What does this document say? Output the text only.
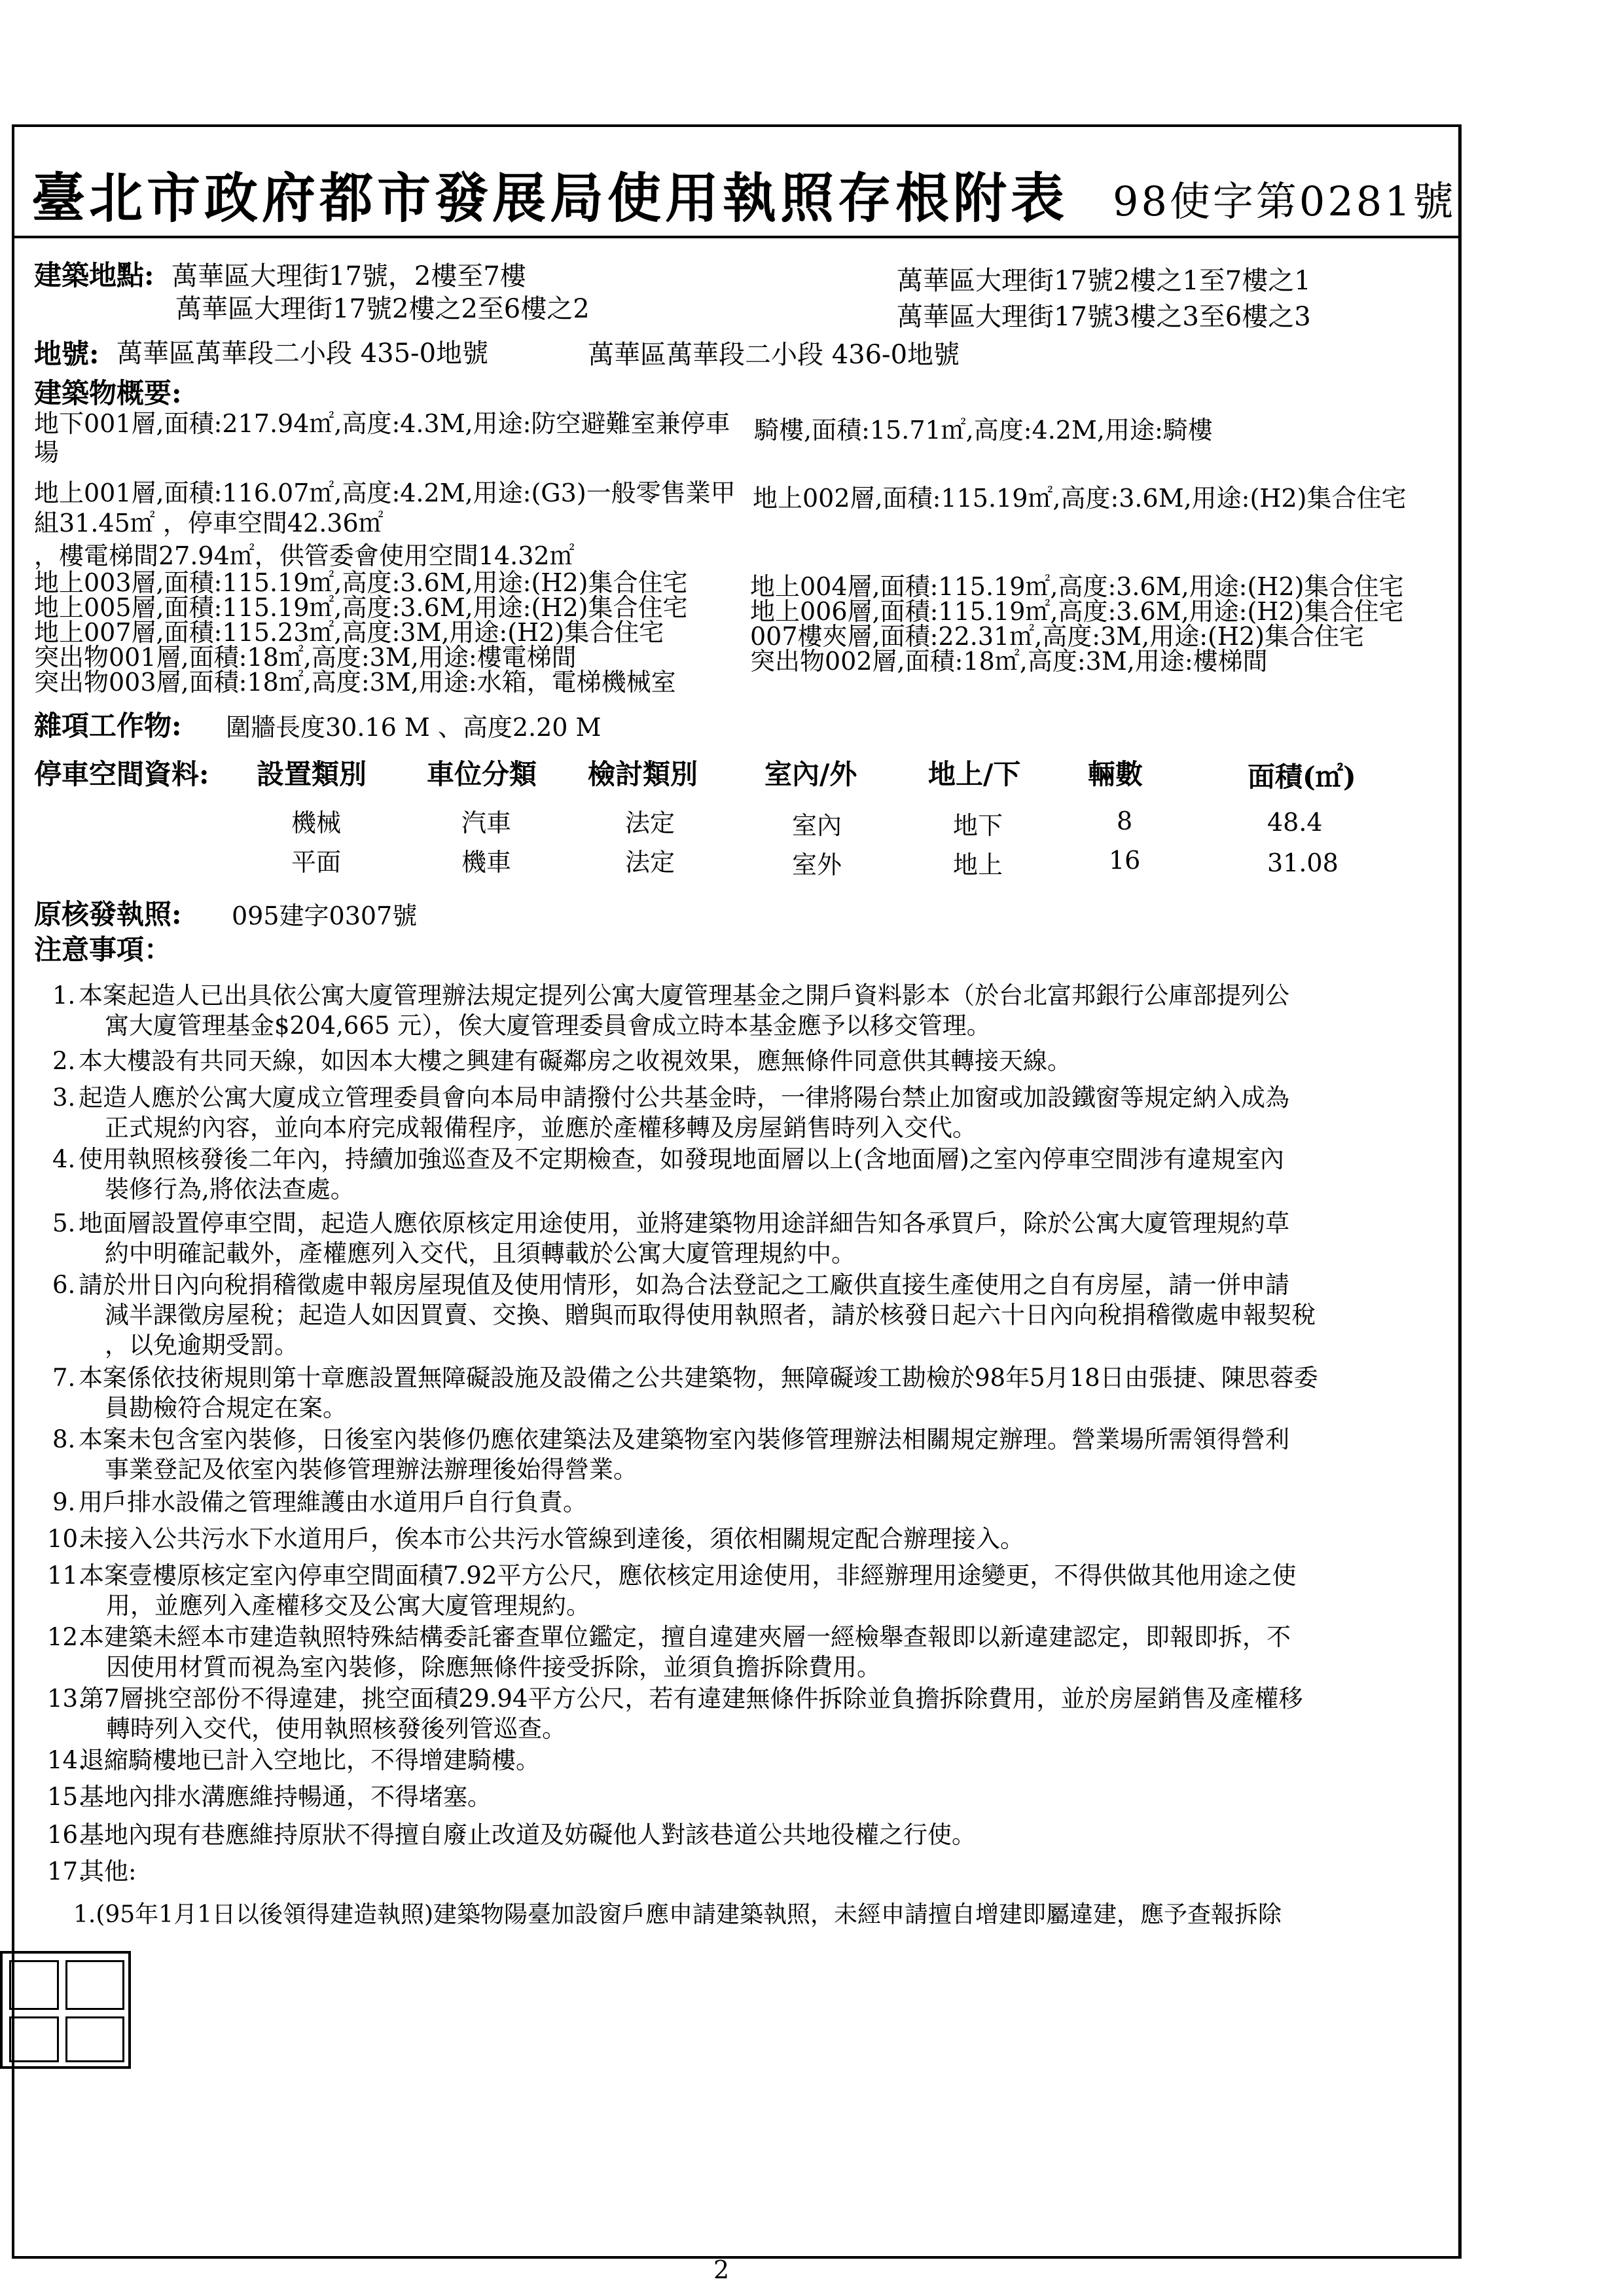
臺北市政府都市發展局使用執照存根附表 98使字第0281號
建築地點: 萬華區大理街17號，2樓至7樓
萬華區大理街17號2樓之2至6樓之2
萬華區大理街17號2樓之1至7樓之1
萬華區大理街17號3樓之3至6樓之3
地號: 萬華區萬華段二小段 435-0地號	萬華區萬華段二小段 436-0地號
建築物概要:
地下001層,面積:217.94㎡,高度:4.3M,用途:防空避難室兼停車
場
騎樓,面積:15.71㎡,高度:4.2M,用途:騎樓
地上001層,面積:116.07㎡,高度:4.2M,用途:(G3)一般零售業甲
組31.45㎡ ，停車空間42.36㎡
，樓電梯間27.94㎡，供管委會使用空間14.32㎡
地上002層,面積:115.19㎡,高度:3.6M,用途:(H2)集合住宅
地上003層,面積:115.19㎡,高度:3.6M,用途:(H2)集合住宅
地上005層,面積:115.19㎡,高度:3.6M,用途:(H2)集合住宅
地上007層,面積:115.23㎡,高度:3M,用途:(H2)集合住宅
突出物001層,面積:18㎡,高度:3M,用途:樓電梯間
突出物003層,面積:18㎡,高度:3M,用途:水箱，電梯機械室
地上004層,面積:115.19㎡,高度:3.6M,用途:(H2)集合住宅
地上006層,面積:115.19㎡,高度:3.6M,用途:(H2)集合住宅
007樓夾層,面積:22.31㎡,高度:3M,用途:(H2)集合住宅
突出物002層,面積:18㎡,高度:3M,用途:樓梯間
雜項工作物: 圍牆長度30.16 M 、高度2.20 M
停車空間資料: 設置類別 車位分類 檢討類別 室內/外	地上/下 輛數	面積(㎡)
機械	汽車	法定	室內	地下	8	48.4
平面	機車	法定	室外	地上	16	31.08
原核發執照: 095建字0307號
注意事項：
1. 本案起造人已出具依公寓大廈管理辦法規定提列公寓大廈管理基金之開戶資料影本（於台北富邦銀行公庫部提列公
寓大廈管理基金$204,665 元），俟大廈管理委員會成立時本基金應予以移交管理。
2. 本大樓設有共同天線，如因本大樓之興建有礙鄰房之收視效果，應無條件同意供其轉接天線。
3. 起造人應於公寓大廈成立管理委員會向本局申請撥付公共基金時，一律將陽台禁止加窗或加設鐵窗等規定納入成為
正式規約內容，並向本府完成報備程序，並應於產權移轉及房屋銷售時列入交代。
4. 使用執照核發後二年內，持續加強巡查及不定期檢查，如發現地面層以上(含地面層)之室內停車空間涉有違規室內
裝修行為,將依法查處。
5. 地面層設置停車空間，起造人應依原核定用途使用，並將建築物用途詳細告知各承買戶，除於公寓大廈管理規約草
約中明確記載外，產權應列入交代，且須轉載於公寓大廈管理規約中。
6. 請於卅日內向稅捐稽徵處申報房屋現值及使用情形，如為合法登記之工廠供直接生產使用之自有房屋，請一併申請
減半課徵房屋稅；起造人如因買賣、交換、贈與而取得使用執照者，請於核發日起六十日內向稅捐稽徵處申報契稅
，以免逾期受罰。
7. 本案係依技術規則第十章應設置無障礙設施及設備之公共建築物，無障礙竣工勘檢於98年5月18日由張捷、陳思蓉委
員勘檢符合規定在案。
8. 本案未包含室內裝修，日後室內裝修仍應依建築法及建築物室內裝修管理辦法相關規定辦理。營業場所需領得營利
事業登記及依室內裝修管理辦法辦理後始得營業。
9. 用戶排水設備之管理維護由水道用戶自行負責。
10.未接入公共污水下水道用戶，俟本市公共污水管線到達後，須依相關規定配合辦理接入。
11.本案壹樓原核定室內停車空間面積7.92平方公尺，應依核定用途使用，非經辦理用途變更，不得供做其他用途之使
用，並應列入產權移交及公寓大廈管理規約。
12.本建築未經本市建造執照特殊結構委託審查單位鑑定，擅自違建夾層一經檢舉查報即以新違建認定，即報即拆，不
因使用材質而視為室內裝修，除應無條件接受拆除，並須負擔拆除費用。
13.第7層挑空部份不得違建，挑空面積29.94平方公尺，若有違建無條件拆除並負擔拆除費用，並於房屋銷售及產權移
轉時列入交代，使用執照核發後列管巡查。
14.退縮騎樓地已計入空地比，不得增建騎樓。
15.基地內排水溝應維持暢通，不得堵塞。
16.基地內現有巷應維持原狀不得擅自廢止改道及妨礙他人對該巷道公共地役權之行使。
17.其他:
1.(95年1月1日以後領得建造執照)建築物陽臺加設窗戶應申請建築執照，未經申請擅自增建即屬違建，應予查報拆除
2
